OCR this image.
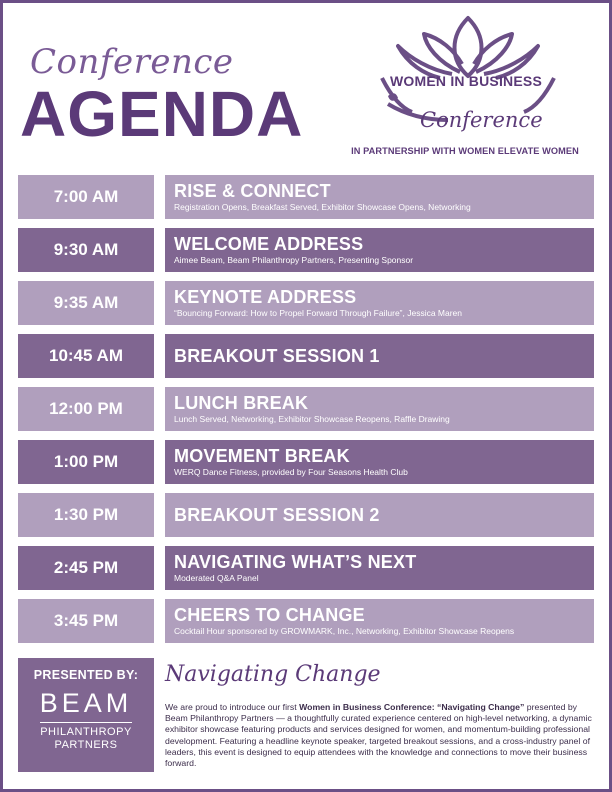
Conference
AGENDA	WOMEN IN BUSINESS
Conference
IN PARTNERSHIP WITH WOMEN ELEVATE WOMEN
7:00 AM	RISE & CONNECT
Registration Opens, Breakfast Served, Exhibitor Showcase Opens, Networking
9:30 AM	WELCOME ADDRESS
Aimee Beam, Beam Philanthropy Partners, Presenting Sponsor
9:35 AM	KEYNOTE ADDRESS
“Bouncing Forward: How to Propel Forward Through Failure”, Jessica Maren
10:45 AM	BREAKOUT SESSION 1
12:00 PM	LUNCH BREAK
Lunch Served, Networking, Exhibitor Showcase Reopens, Raffle Drawing
1:00 PM	MOVEMENT BREAK
WERQ Dance Fitness, provided by Four Seasons Health Club
1:30 PM	BREAKOUT SESSION 2
2:45 PM	NAVIGATING WHAT’S NEXT
Moderated Q&A Panel
3:45 PM	CHEERS TO CHANGE
Cocktail Hour sponsored by GROWMARK, Inc., Networking, Exhibitor Showcase Reopens
PRESENTED BY:
BEAM
PHILANTHROPY
PARTNERS
Navigating Change
We are proud to introduce our first Women in Business Conference: “Navigating Change” presented by Beam Philanthropy Partners — a thoughtfully curated experience centered on high-level networking, a dynamic exhibitor showcase featuring products and services designed for women, and momentum-building professional development. Featuring a headline keynote speaker, targeted breakout sessions, and a cross-industry panel of leaders, this event is designed to equip attendees with the knowledge and connections to move their business forward.
